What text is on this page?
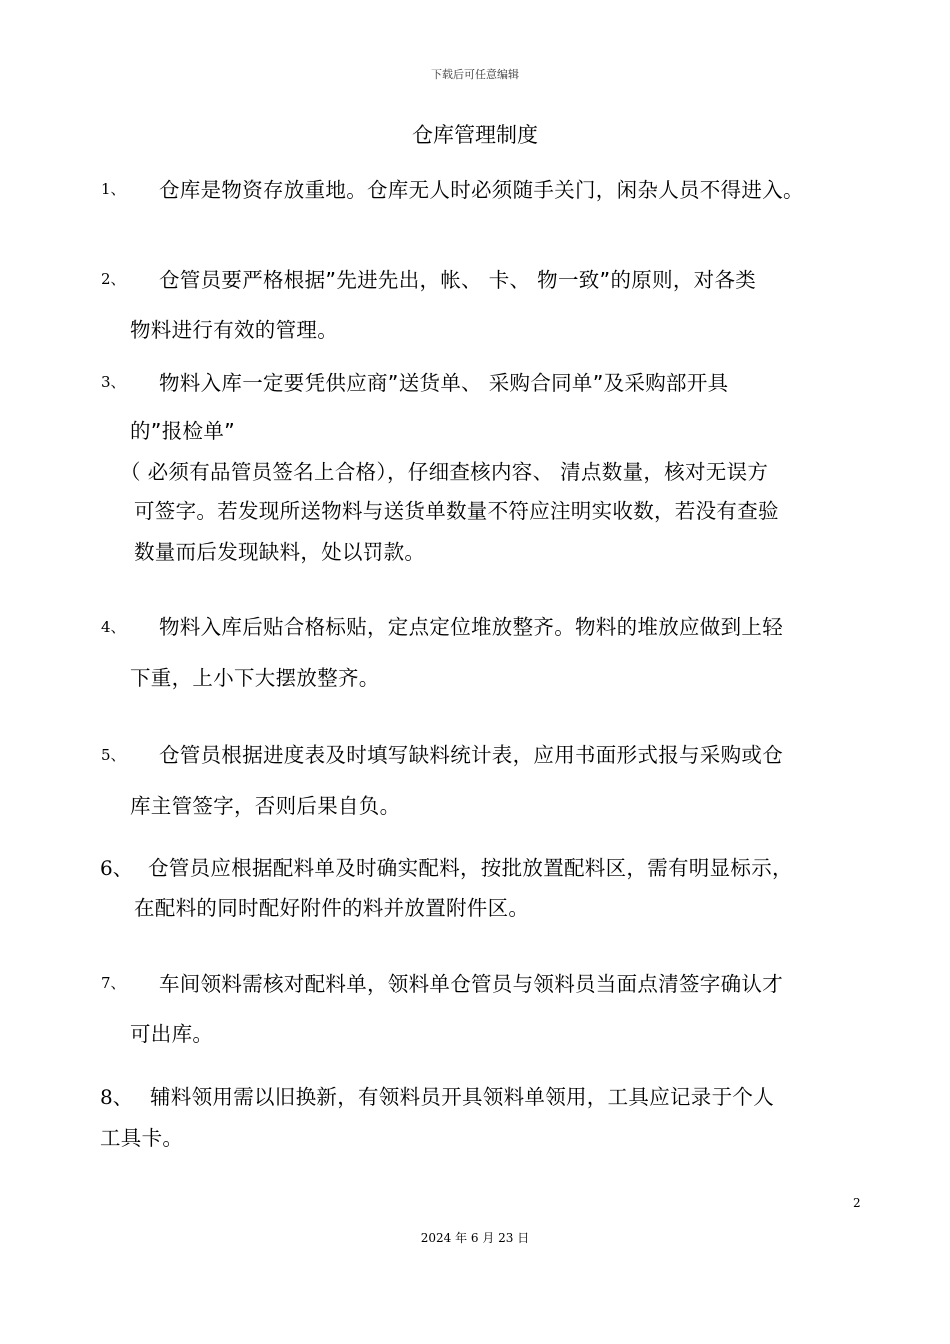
下载后可任意编辑
仓库管理制度
1、 仓库是物资存放重地。仓库无人时必须随手关门，闲杂人员不得进入。
2、 仓管员要严格根据”先进先出，帐、 卡、 物一致”的原则，对各类
物料进行有效的管理。
3、 物料入库一定要凭供应商”送货单、 采购合同单”及采购部开具
的”报检单”
（ 必须有品管员签名上合格），仔细查核内容、 清点数量，核对无误方
可签字。若发现所送物料与送货单数量不符应注明实收数，若没有查验
数量而后发现缺料，处以罚款。
4、 物料入库后贴合格标贴，定点定位堆放整齐。物料的堆放应做到上轻
下重，上小下大摆放整齐。
5、 仓管员根据进度表及时填写缺料统计表，应用书面形式报与采购或仓
库主管签字，否则后果自负。
6、 仓管员应根据配料单及时确实配料，按批放置配料区，需有明显标示，
在配料的同时配好附件的料并放置附件区。
7、 车间领料需核对配料单，领料单仓管员与领料员当面点清签字确认才
可出库。
8、 辅料领用需以旧换新，有领料员开具领料单领用，工具应记录于个人
工具卡。
2
2024 年 6 月 23 日
